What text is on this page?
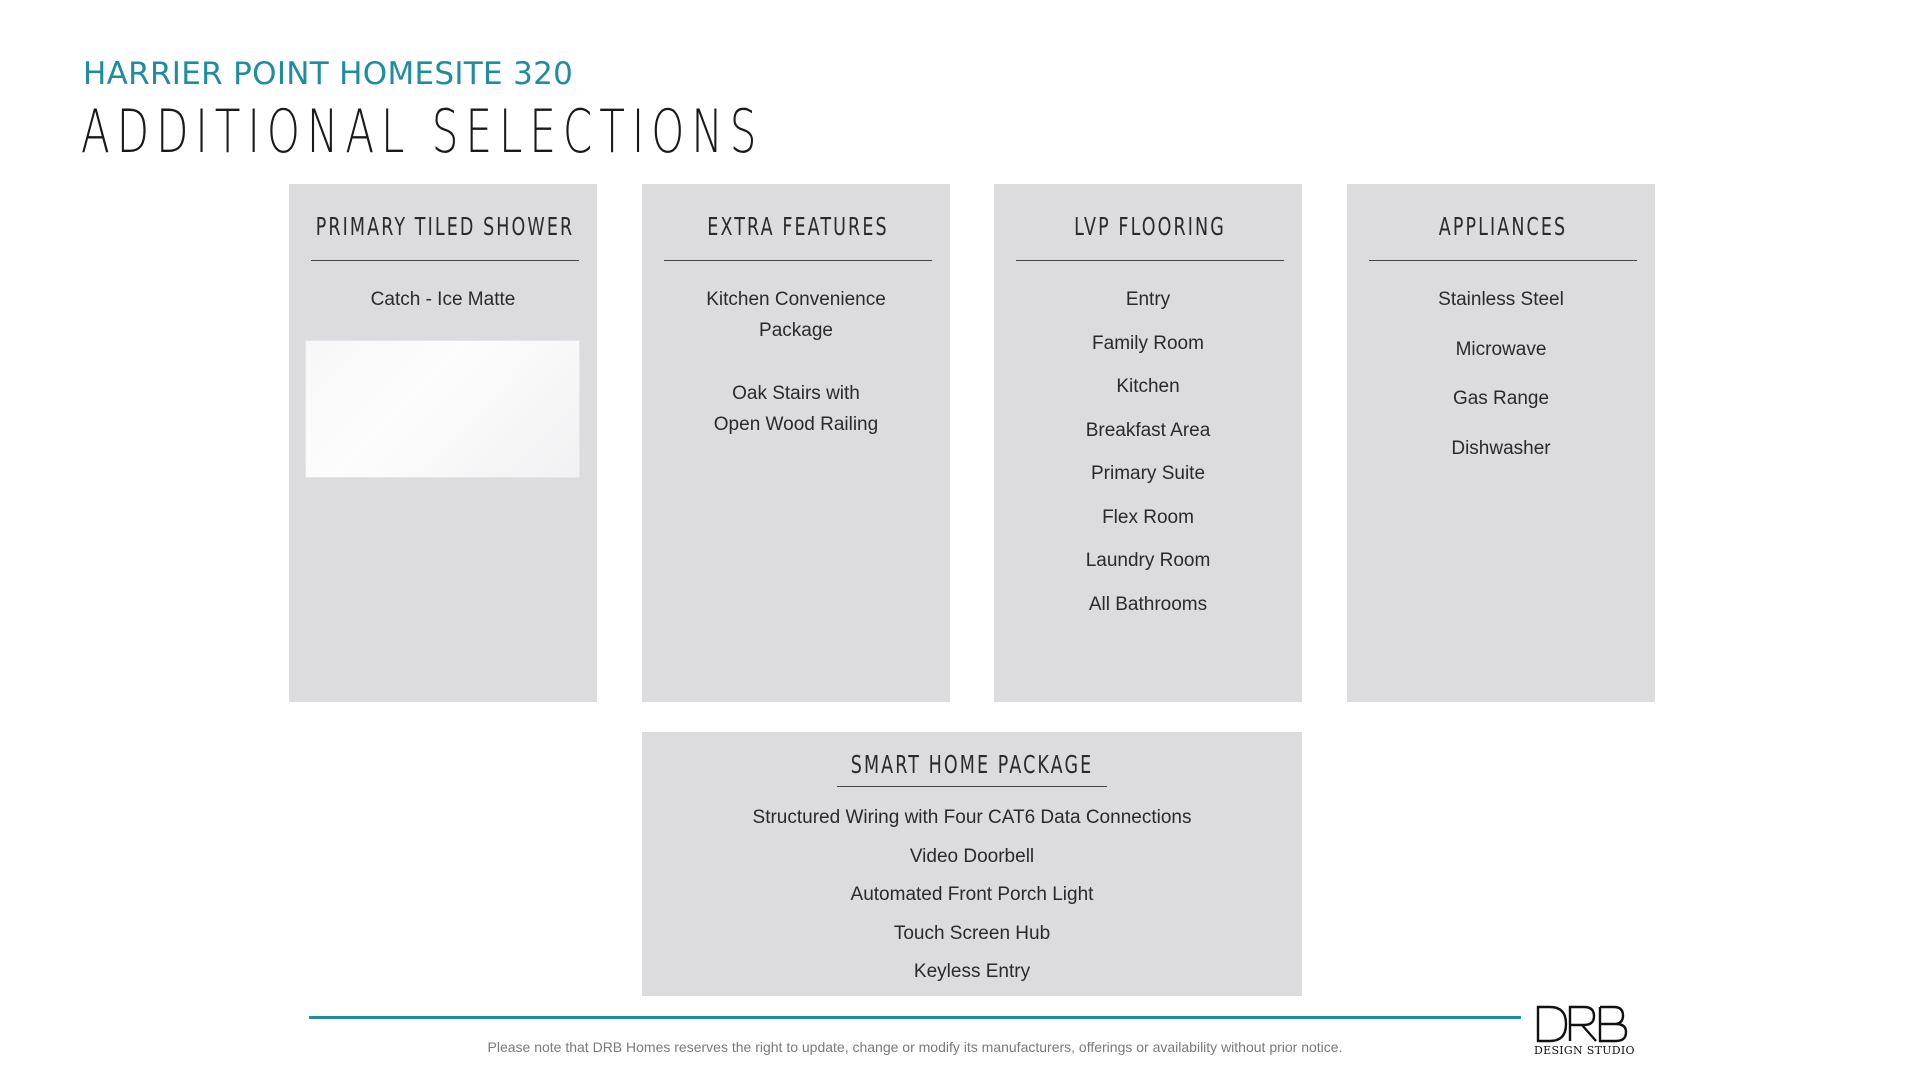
HARRIER POINT HOMESITE 320
ADDITIONAL SELECTIONS
PRIMARY TILED SHOWER
Catch - Ice Matte
EXTRA FEATURES
Kitchen Convenience
Package
Oak Stairs with
Open Wood Railing
LVP FLOORING
Entry
Family Room
Kitchen
Breakfast Area
Primary Suite
Flex Room
Laundry Room
All Bathrooms
APPLIANCES
Stainless Steel
Microwave
Gas Range
Dishwasher
SMART HOME PACKAGE
Structured Wiring with Four CAT6 Data Connections
Video Doorbell
Automated Front Porch Light
Touch Screen Hub
Keyless Entry
Please note that DRB Homes reserves the right to update, change or modify its manufacturers, offerings or availability without prior notice.	DESIGN STUDIO
